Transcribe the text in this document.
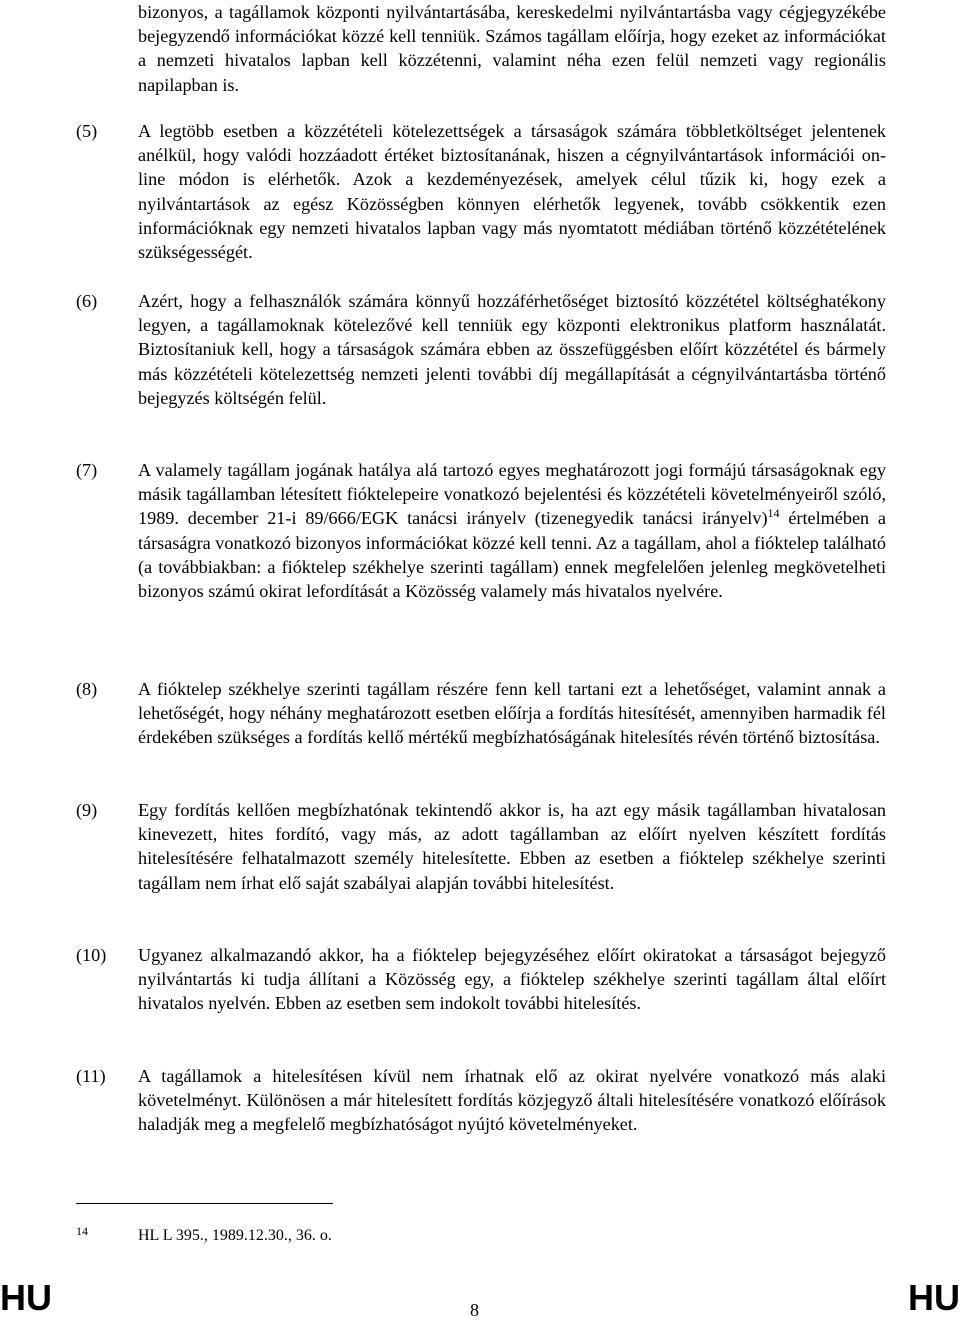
bizonyos, a tagállamok központi nyilvántartásába, kereskedelmi nyilvántartásba vagy cégjegyzékébe bejegyzendő információkat közzé kell tenniük. Számos tagállam előírja, hogy ezeket az információkat a nemzeti hivatalos lapban kell közzétenni, valamint néha ezen felül nemzeti vagy regionális napilapban is.
(5) A legtöbb esetben a közzétételi kötelezettségek a társaságok számára többletköltséget jelentenek anélkül, hogy valódi hozzáadott értéket biztosítanának, hiszen a cégnyilvántartások információi on-line módon is elérhetők. Azok a kezdeményezések, amelyek célul tűzik ki, hogy ezek a nyilvántartások az egész Közösségben könnyen elérhetők legyenek, tovább csökkentik ezen információknak egy nemzeti hivatalos lapban vagy más nyomtatott médiában történő közzétételének szükségességét.
(6) Azért, hogy a felhasználók számára könnyű hozzáférhetőséget biztosító közzététel költséghatékony legyen, a tagállamoknak kötelezővé kell tenniük egy központi elektronikus platform használatát. Biztosítaniuk kell, hogy a társaságok számára ebben az összefüggésben előírt közzététel és bármely más közzétételi kötelezettség nemzeti jelenti további díj megállapítását a cégnyilvántartásba történő bejegyzés költségén felül.
(7) A valamely tagállam jogának hatálya alá tartozó egyes meghatározott jogi formájú társaságoknak egy másik tagállamban létesített fióktelepeire vonatkozó bejelentési és közzétételi követelményeiről szóló, 1989. december 21-i 89/666/EGK tanácsi irányelv (tizenegyedik tanácsi irányelv)$^{14}$ értelmében a társaságra vonatkozó bizonyos információkat közzé kell tenni. Az a tagállam, ahol a fióktelep található (a továbbiakban: a fióktelep székhelye szerinti tagállam) ennek megfelelően jelenleg megkövetelheti bizonyos számú okirat lefordítását a Közösség valamely más hivatalos nyelvére.
(8) A fióktelep székhelye szerinti tagállam részére fenn kell tartani ezt a lehetőséget, valamint annak a lehetőségét, hogy néhány meghatározott esetben előírja a fordítás hitesítését, amennyiben harmadik fél érdekében szükséges a fordítás kellő mértékű megbízhatóságának hitelesítés révén történő biztosítása.
(9) Egy fordítás kellően megbízhatónak tekintendő akkor is, ha azt egy másik tagállamban hivatalosan kinevezett, hites fordító, vagy más, az adott tagállamban az előírt nyelven készített fordítás hitelesítésére felhatalmazott személy hitelesítette. Ebben az esetben a fióktelep székhelye szerinti tagállam nem írhat elő saját szabályai alapján további hitelesítést.
(10) Ugyanez alkalmazandó akkor, ha a fióktelep bejegyzéséhez előírt okiratokat a társaságot bejegyző nyilvántartás ki tudja állítani a Közösség egy, a fióktelep székhelye szerinti tagállam által előírt hivatalos nyelvén. Ebben az esetben sem indokolt további hitelesítés.
(11) A tagállamok a hitelesítésen kívül nem írhatnak elő az okirat nyelvére vonatkozó más alaki követelményt. Különösen a már hitelesített fordítás közjegyző általi hitelesítésére vonatkozó előírások haladják meg a megfelelő megbízhatóságot nyújtó követelményeket.
14	HL L 395., 1989.12.30., 36. o.
HU	8	HU
